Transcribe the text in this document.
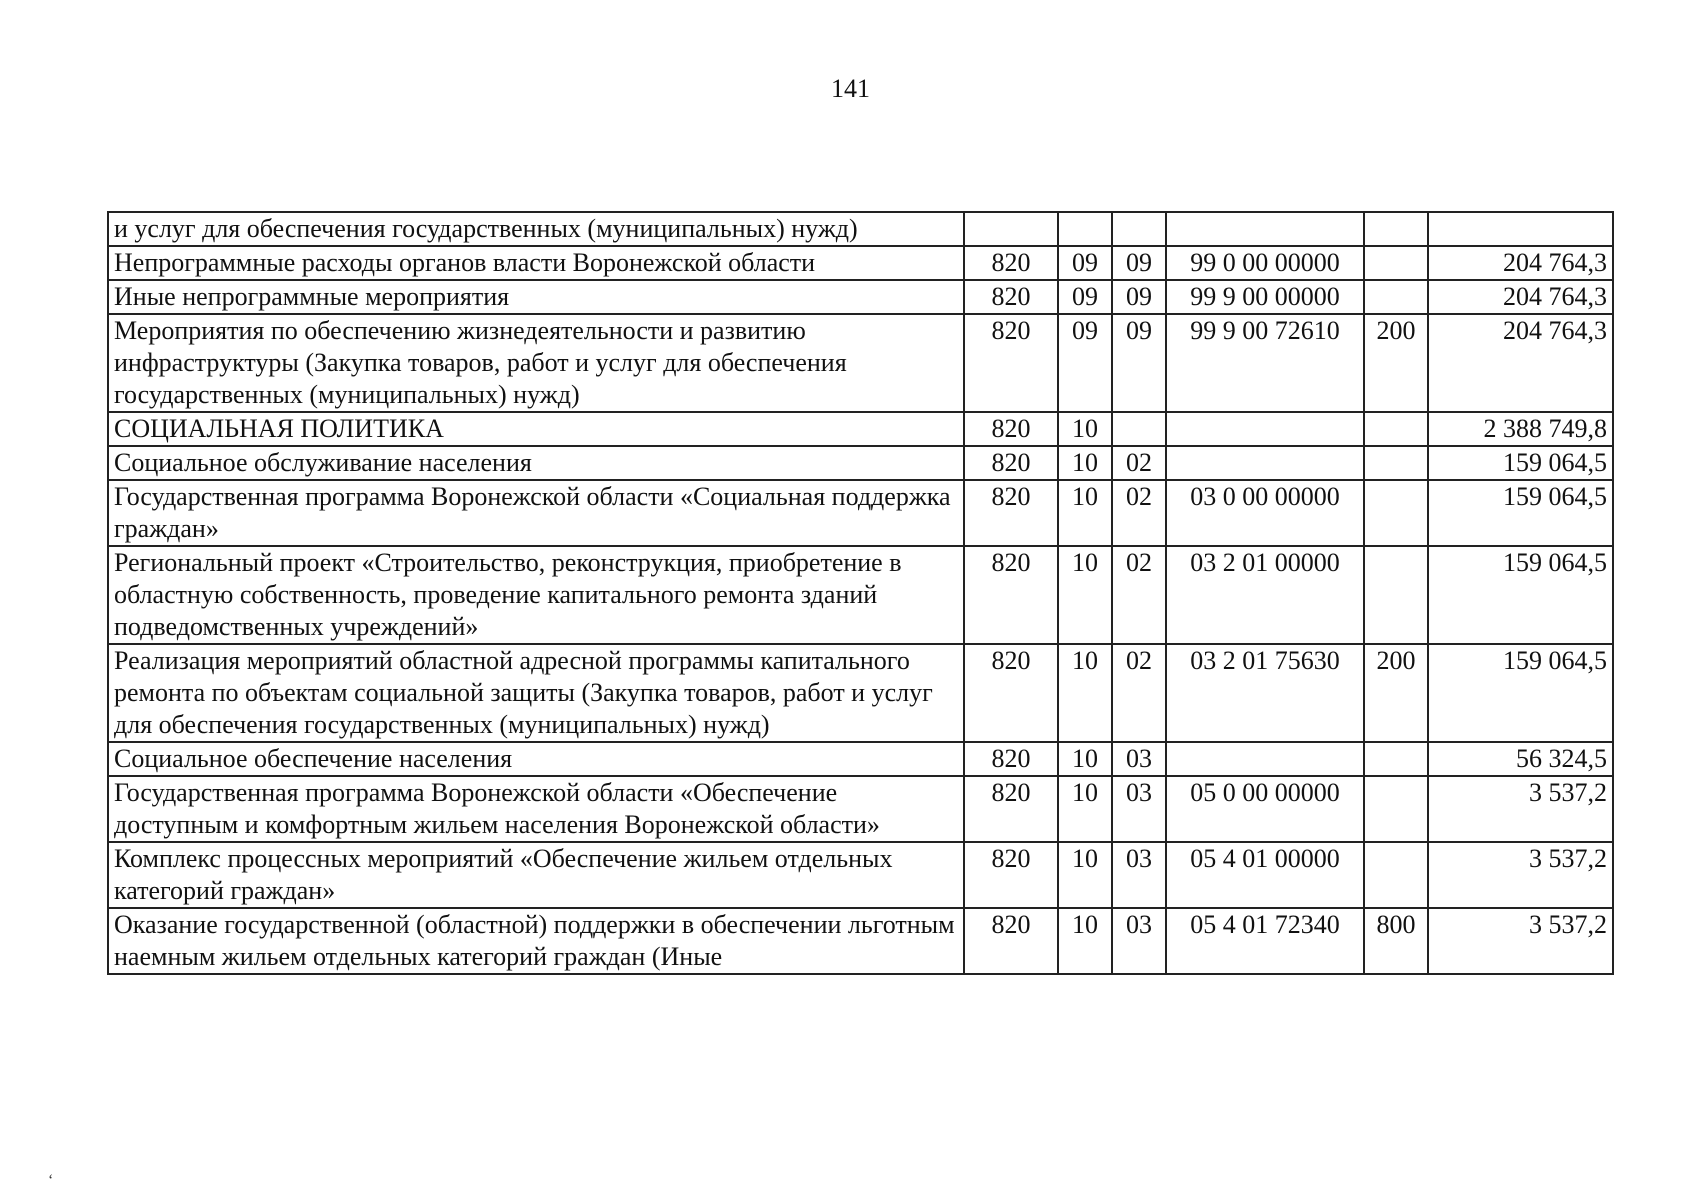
141
и услуг для обеспечения государственных (муниципальных) нужд)						
Непрограммные расходы органов власти Воронежской области	820	09	09	99 0 00 00000		204 764,3
Иные непрограммные мероприятия	820	09	09	99 9 00 00000		204 764,3
Мероприятия по обеспечению жизнедеятельности и развитию инфраструктуры (Закупка товаров, работ и услуг для обеспечения государственных (муниципальных) нужд)	820	09	09	99 9 00 72610	200	204 764,3
СОЦИАЛЬНАЯ ПОЛИТИКА	820	10				2 388 749,8
Социальное обслуживание населения	820	10	02			159 064,5
Государственная программа Воронежской области «Социальная поддержка граждан»	820	10	02	03 0 00 00000		159 064,5
Региональный проект «Строительство, реконструкция, приобретение в областную собственность, проведение капитального ремонта зданий подведомственных учреждений»	820	10	02	03 2 01 00000		159 064,5
Реализация мероприятий областной адресной программы капитального ремонта по объектам социальной защиты (Закупка товаров, работ и услуг для обеспечения государственных (муниципальных) нужд)	820	10	02	03 2 01 75630	200	159 064,5
Социальное обеспечение населения	820	10	03			56 324,5
Государственная программа Воронежской области «Обеспечение доступным и комфортным жильем населения Воронежской области»	820	10	03	05 0 00 00000		3 537,2
Комплекс процессных мероприятий «Обеспечение жильем отдельных категорий граждан»	820	10	03	05 4 01 00000		3 537,2
Оказание государственной (областной) поддержки в обеспечении льготным наемным жильем отдельных категорий граждан (Иные	820	10	03	05 4 01 72340	800	3 537,2
ʻ
